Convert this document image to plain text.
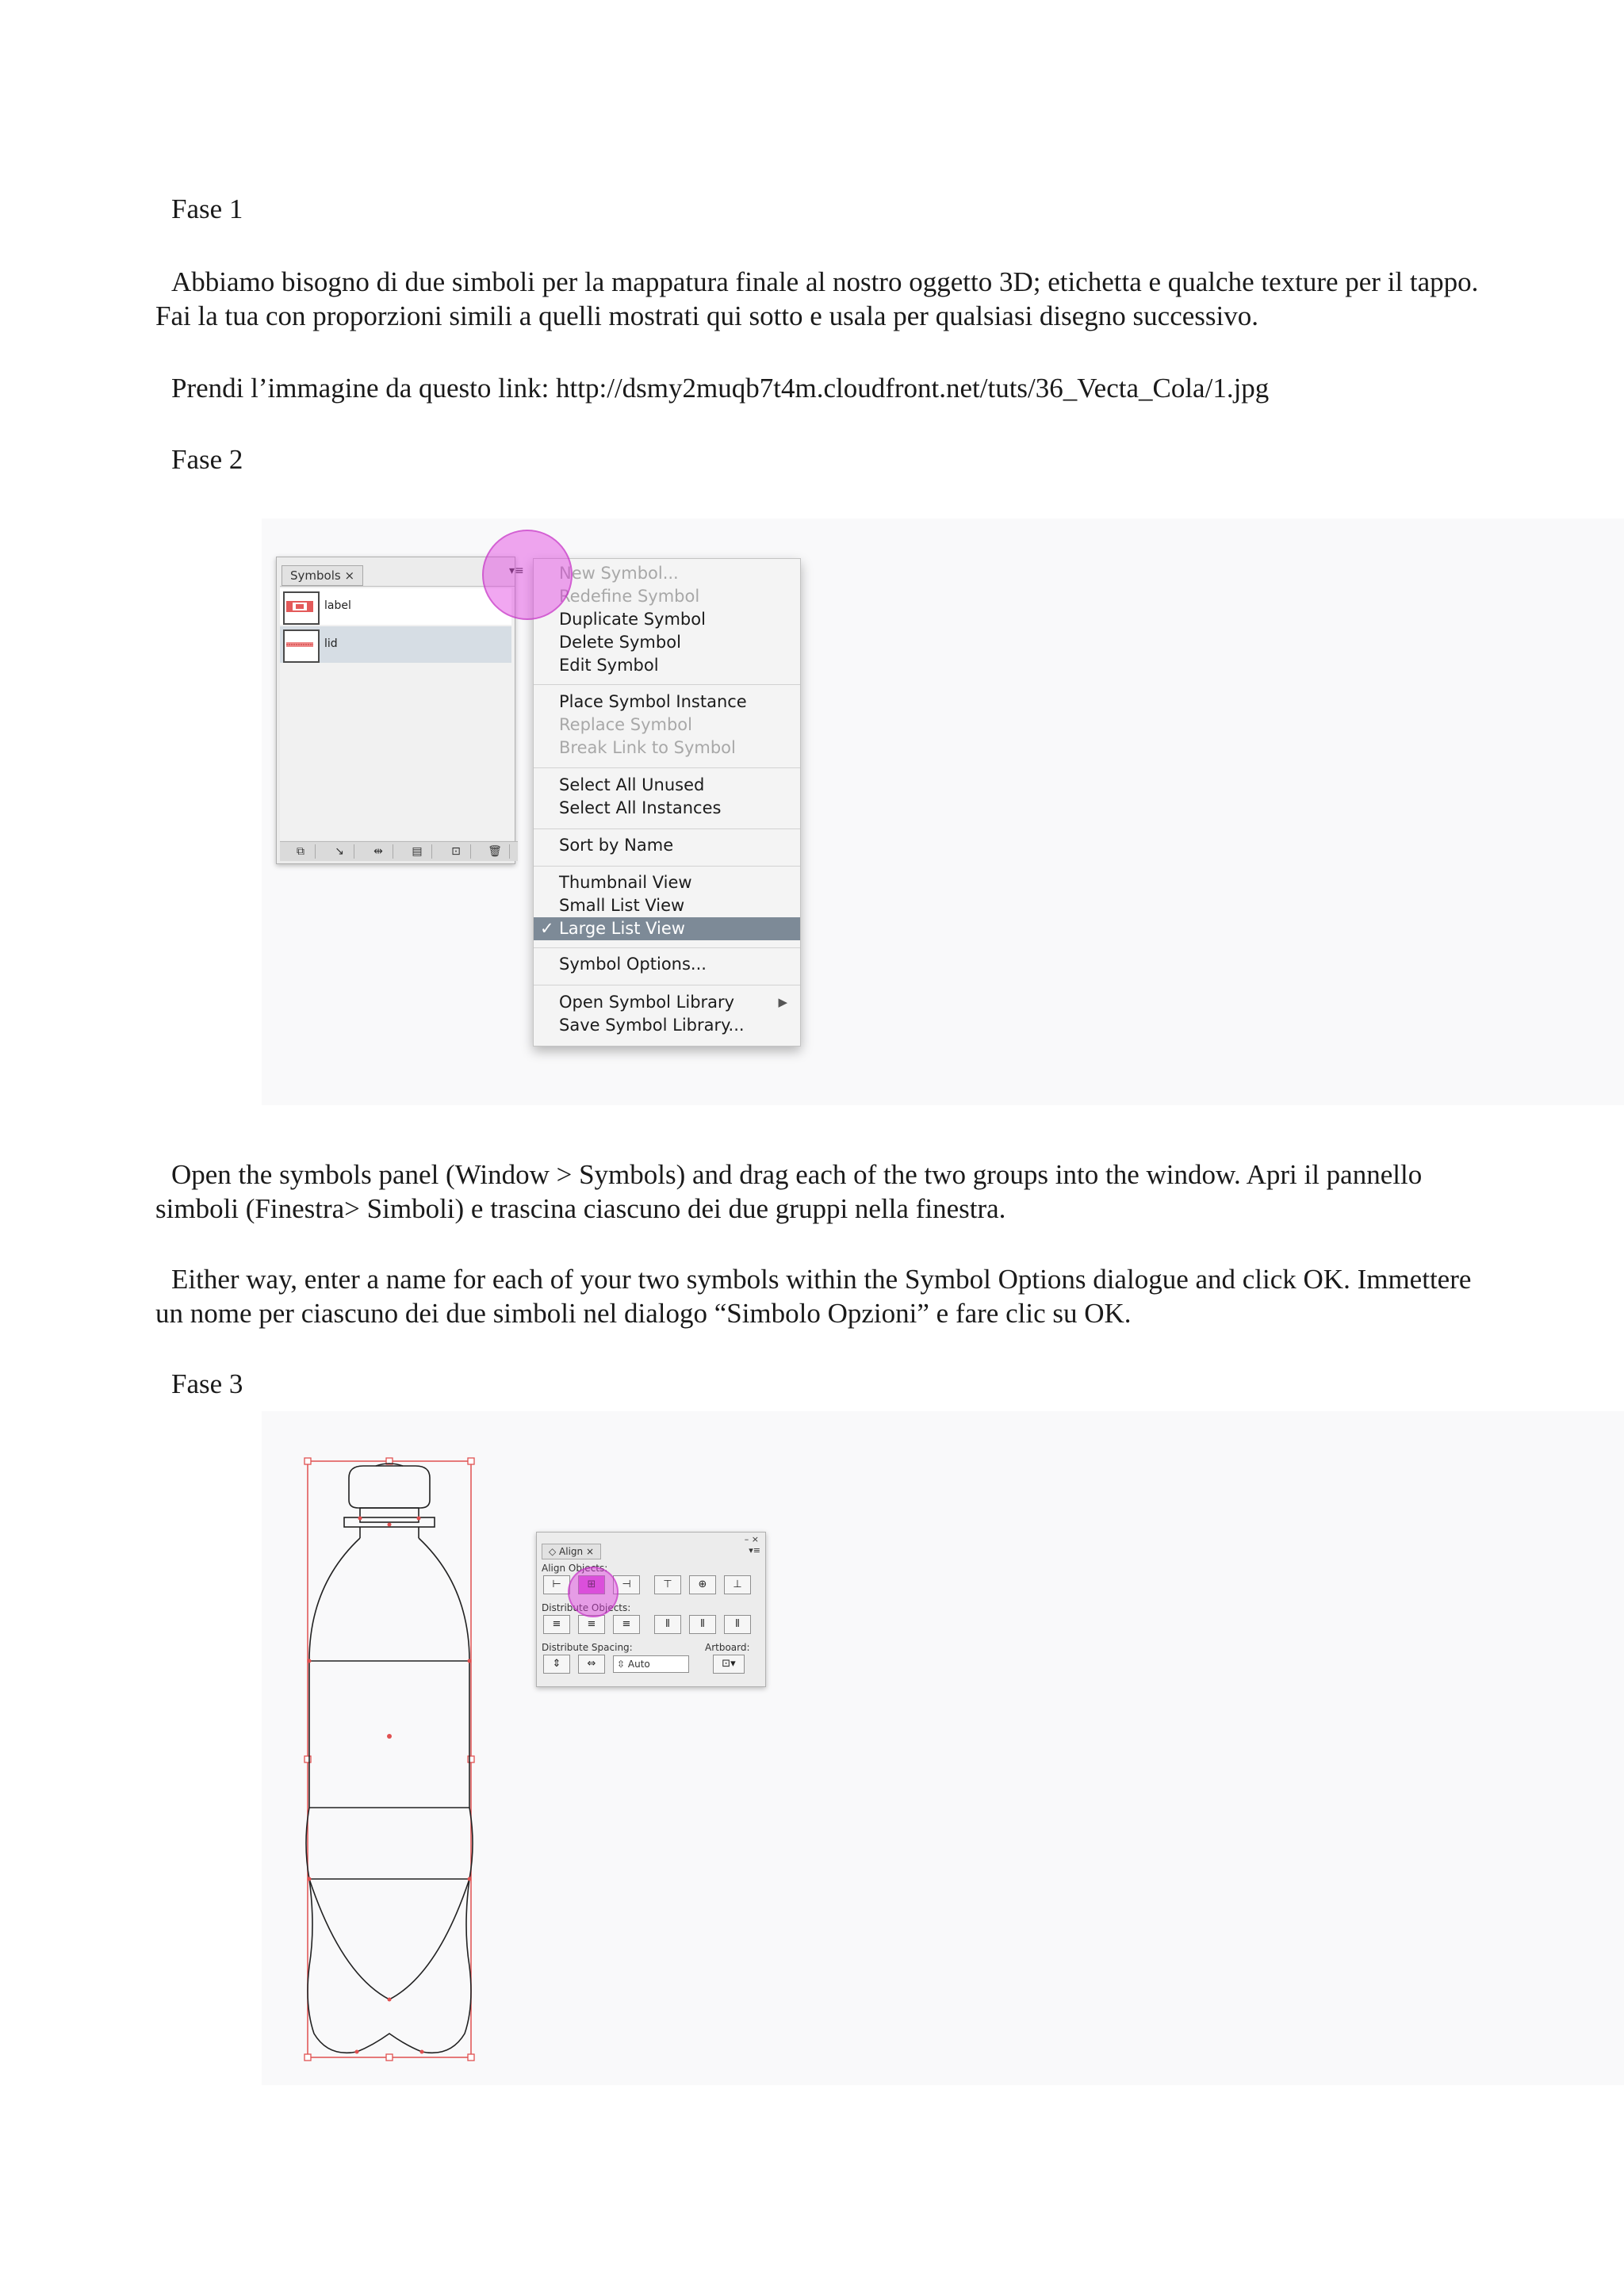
Fase 1

Abbiamo bisogno di due simboli per la mappatura finale al nostro oggetto 3D; etichetta e qualche texture per il tappo. Fai la tua con proporzioni simili a quelli mostrati qui sotto e usala per qualsiasi disegno successivo.

Prendi l’immagine da questo link: http://dsmy2muqb7t4m.cloudfront.net/tuts/36_Vecta_Cola/1.jpg

Fase 2

Symbols ×
label
lid
⧉	↘	⇹	▤	⊡ 🗑
▾≡	New Symbol...
Redefine Symbol
Duplicate Symbol
Delete Symbol
Edit Symbol
Place Symbol Instance
Replace Symbol
Break Link to Symbol
Select All Unused
Select All Instances
Sort by Name
Thumbnail View
Small List View
✓ Large List View
Symbol Options...
Open Symbol Library	▶
Save Symbol Library...

Open the symbols panel (Window > Symbols) and drag each of the two groups into the window. Apri il pannello simboli (Finestra> Simboli) e trascina ciascuno dei due gruppi nella finestra.

Either way, enter a name for each of your two symbols within the Symbol Options dialogue and click OK. Immettere un nome per ciascuno dei due simboli nel dialogo “Simbolo Opzioni” e fare clic su OK.

Fase 3

– ×
▾≡
◇ Align ×
Align Objects:
⊢	⊞	⊣	⊤	⊕	⊥
Distribute Objects:
≡	≡	≡	⫴	⫴	⫴
Distribute Spacing:	Artboard:
⇕	⇔	⇳ Auto	⊡▾
